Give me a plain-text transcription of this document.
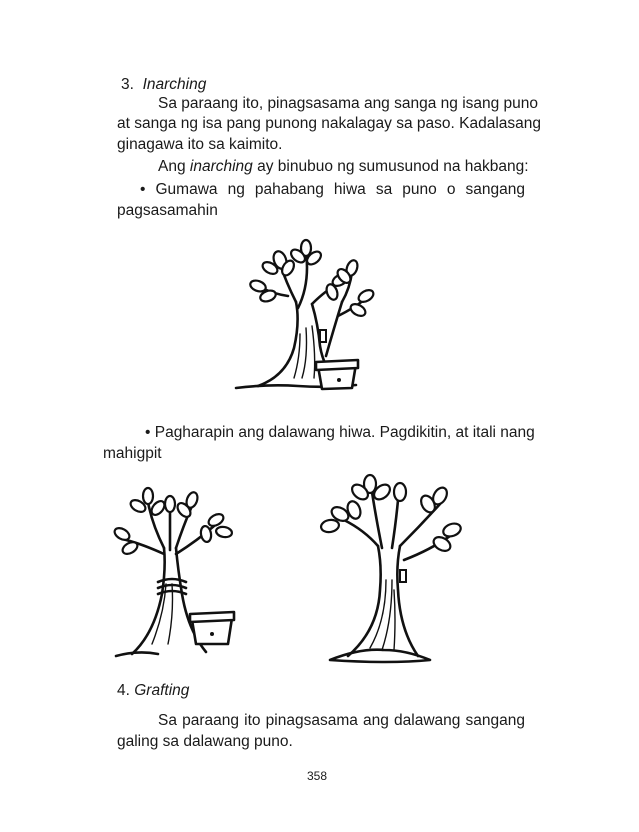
3. Inarching
Sa paraang ito, pinagsasama ang sanga ng isang puno
at sanga ng isa pang punong nakalagay sa paso. Kadalasang
ginagawa ito sa kaimito.
Ang inarching ay binubuo ng sumusunod na hakbang:
• Gumawa ng pahabang hiwa sa puno o sangang
pagsasamahin
• Pagharapin ang dalawang hiwa. Pagdikitin, at itali nang
mahigpit
4. Grafting
Sa paraang ito pinagsasama ang dalawang sangang
galing sa dalawang puno.
358
